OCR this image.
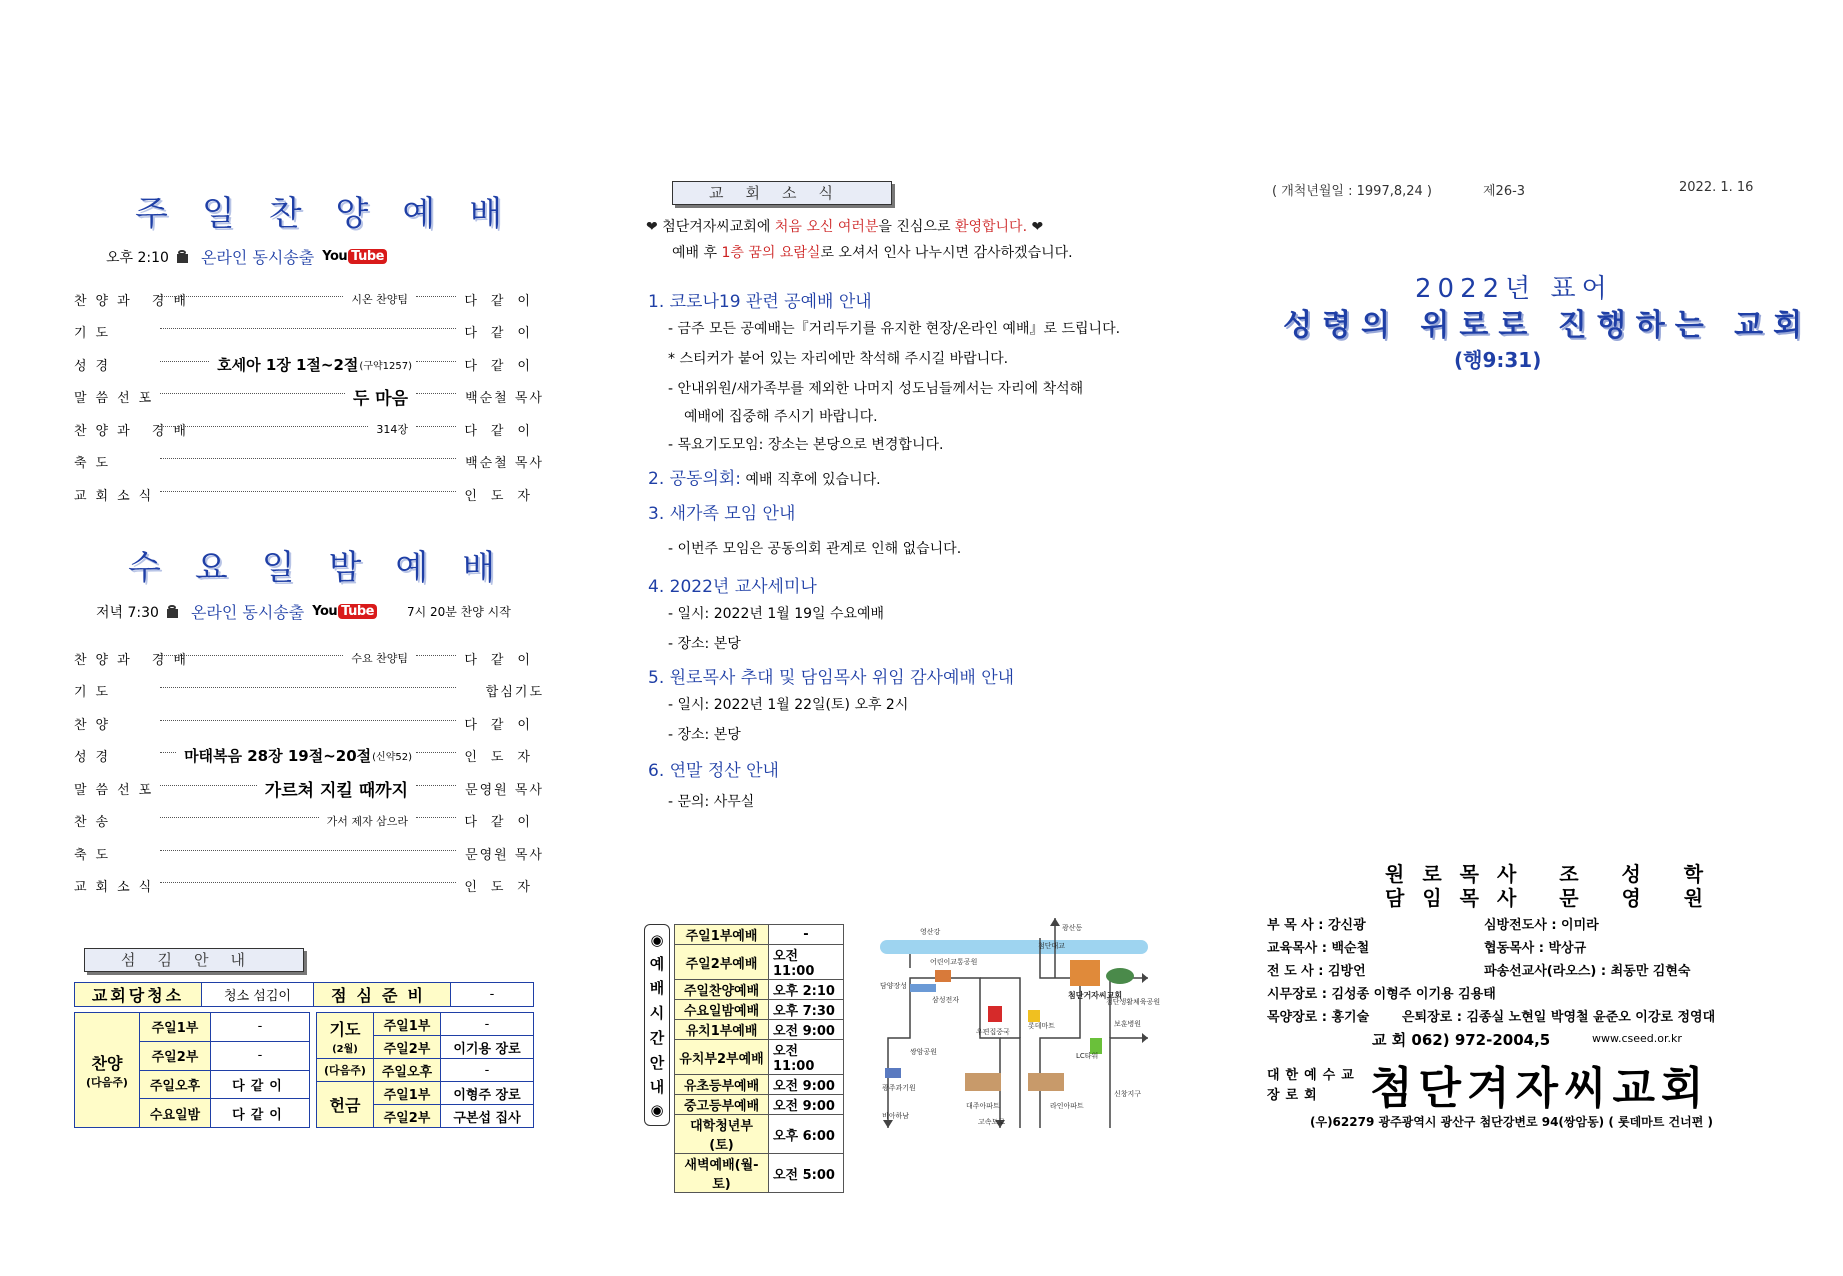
주일찬양예배
오후 2:10 온라인 동시송출 You Tube
찬양과 경배	시온 찬양팀	다같이
기도	다같이
성경	호세아 1장 1절~2절 (구약1257)	다같이
말씀선포	두 마음	백순철 목사
찬양과 경배	314장	다같이
축도	백순철 목사
교회소식	인도자
수요일밤예배
저녁 7:30 온라인 동시송출 You Tube	7시 20분 찬양 시작
찬양과 경배	수요 찬양팀	다같이
기도	합심기도
찬양	다같이
성경	마태복음 28장 19절~20절 (신약52)	인도자
말씀선포	가르쳐 지킬 때까지	문영원 목사
찬송	가서 제자 삼으라	다같이
축도	문영원 목사
교회소식	인도자
섬김안내
교회당청소	청소 섬김이	점심준비	-
찬양
(다음주)	주일1부	-
	주일2부	-
	주일오후	다같이
	수요일밤	다같이
기도
(2월)	주일1부	-
	주일2부	이기용 장로
(다음주)	주일오후	-
헌금	주일1부	이형주 장로
	주일2부	구본섭 집사
교회소식
❤ 첨단겨자씨교회에 처음 오신 여러분을 진심으로 환영합니다. ❤
예배 후 1층 꿈의 요람실로 오셔서 인사 나누시면 감사하겠습니다.
1. 코로나19 관련 공예배 안내
- 금주 모든 공예배는『거리두기를 유지한 현장/온라인 예배』로 드립니다.
* 스티커가 붙어 있는 자리에만 착석해 주시길 바랍니다.
- 안내위원/새가족부를 제외한 나머지 성도님들께서는 자리에 착석해
예배에 집중해 주시기 바랍니다.
- 목요기도모임: 장소는 본당으로 변경합니다.
2. 공동의회: 예배 직후에 있습니다.
3. 새가족 모임 안내
- 이번주 모임은 공동의회 관계로 인해 없습니다.
4. 2022년 교사세미나
- 일시: 2022년 1월 19일 수요예배
- 장소: 본당
5. 원로목사 추대 및 담임목사 위임 감사예배 안내
- 일시: 2022년 1월 22일(토) 오후 2시
- 장소: 본당
6. 연말 정산 안내
- 문의: 사무실
◉
예
배
시
간
안
내
◉
주일1부예배	-
주일2부예배	오전11:00
주일찬양예배	오후 2:10
수요일밤예배	오후 7:30
유치1부예배	오전 9:00
유치부2부예배	오전11:00
유초등부예배	오전 9:00
중고등부예배	오전 9:00
대학청년부(토)	오후 6:00
새벽예배(월-토)	오전 5:00
영산강
첨단대교
광산동
어린이교통공원
첨단거자씨교회
첨단생활체육공원
담양장성
삼성전자
우편집중국
롯데마트	보훈병원
쌍암공원	LC타워
광주과기원
대주아파트	라인아파트
신창지구
비아하남
고속도로
( 개척년월일 : 1997,8,24 )	제26-3	2022. 1. 16
2022년 표어
성령의 위로로 진행하는 교회
(행9:31)
원로목사 조 성 학
담임목사 문 영 원
부 목 사 : 강신광	심방전도사 : 이미라
교육목사 : 백순철	협동목사 : 박상규
전 도 사 : 김방언	파송선교사(라오스) : 최동만 김현숙
시무장로 : 김성종 이형주 이기용 김용태
목양장로 : 홍기술	은퇴장로 : 김종실 노현일 박영철 윤준오 이강로 정영대
교 회 062) 972-2004,5	www.cseed.or.kr
대한예수교
장로회	첨단겨자씨교회
(우)62279 광주광역시 광산구 첨단강변로 94(쌍암동) ( 롯데마트 건너편 )
